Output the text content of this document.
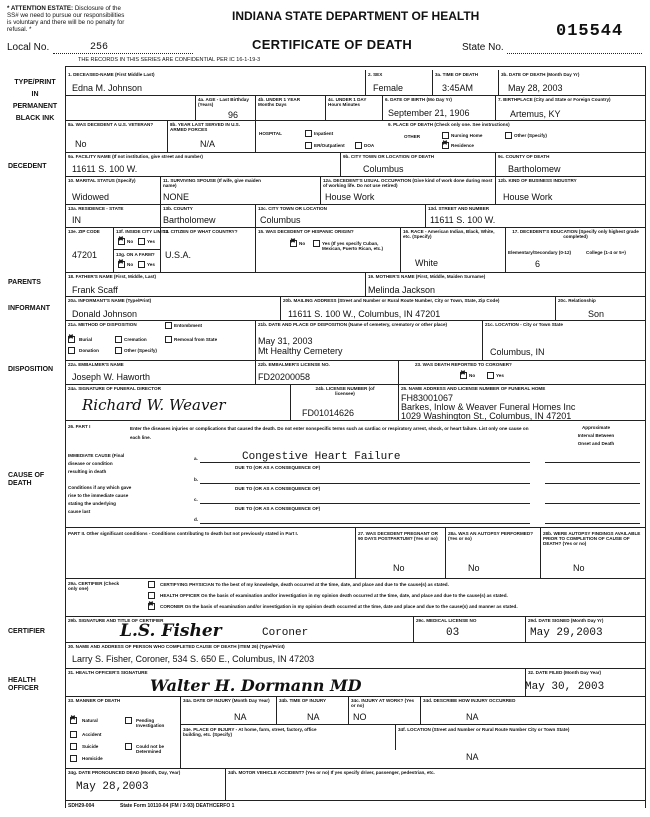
* ATTENTION ESTATE: Disclosure of the
SS# we need to pursue our responsibilities
is voluntary and there will be no penalty for
refusal. *
INDIANA STATE DEPARTMENT OF HEALTH
CERTIFICATE OF DEATH
015544
Local No.	256	State No.
THE RECORDS IN THIS SERIES ARE CONFIDENTIAL PER IC 16-1-19-3
TYPE/PRINT
IN
PERMANENT
BLACK INK
DECEDENT
PARENTS
INFORMANT
DISPOSITION
CAUSE OF
DEATH
CERTIFIER
HEALTH
OFFICER
1. DECEASED-NAME (First Middle Last)
Edna M. Johnson
2. SEX
Female
3a. TIME OF DEATH
3:45AM
3b. DATE OF DEATH (Month Day Yr)
May 28, 2003
4a. AGE - Last Birthday (Years)
96
4b. UNDER 1 YEAR
Months Days
4c. UNDER 1 DAY
Hours Minutes
6. DATE OF BIRTH (Mo Day Yr)
September 21, 1906
7. BIRTHPLACE (City and State or Foreign Country)
Artemus, KY
8a. WAS DECEDENT A U.S. VETERAN?
No
8b. YEAR LAST SERVED IN U.S. ARMED FORCES
N/A
9. PLACE OF DEATH (Check only one. See instructions)
HOSPITAL	Inpatient
ER/Outpatient	DOA
OTHER	Nursing Home
✖
Residence
Other (Specify)
9a. FACILITY NAME (If not institution, give street and number)
11611 S. 100 W.
9b. CITY TOWN OR LOCATION OF DEATH
Columbus
9c. COUNTY OF DEATH
Bartholomew
10. MARITAL STATUS (Specify)
Widowed
11. SURVIVING SPOUSE (If wife, give maiden name)
NONE
12a. DECEDENT'S USUAL OCCUPATION (Give kind of work done during most of working life. Do not use retired)
House Work
12b. KIND OF BUSINESS INDUSTRY
House Work
13a. RESIDENCE - STATE
IN
13b. COUNTY
Bartholomew
13c. CITY TOWN OR LOCATION
Columbus
13d. STREET AND NUMBER
11611 S. 100 W.
13e. ZIP CODE
47201
13f. INSIDE CITY LIMITS
✖
No	Yes
13g. ON A FARM?
✖
No	Yes
14. CITIZEN OF WHAT COUNTRY?
U.S.A.
15. WAS DECEDENT OF HISPANIC ORIGIN?
✖
No	Yes (If yes specify Cuban, Mexican, Puerto Rican, etc.)
16. RACE - American Indian, Black, White, etc. (Specify)
White
17. DECEDENT'S EDUCATION (Specify only highest grade completed)
Elementary/Secondary (0-12)	College (1-4 or 5+)
6
18. FATHER'S NAME (First, Middle, Last)
Frank Scaff
19. MOTHER'S NAME (First, Middle, Maiden Surname)
Melinda Jackson
20a. INFORMANT'S NAME (Type/Print)
Donald Johnson
20b. MAILING ADDRESS (Street and Number or Rural Route Number, City or Town, State, Zip Code)
11611 S. 100 W., Columbus, IN 47201
20c. Relationship
Son
21a. METHOD OF DISPOSITION	Entombment
✖
Burial	Cremation	Removal from State
Donation	Other (Specify)
21b. DATE AND PLACE OF DISPOSITION (Name of cemetery, crematory or other place)
May 31, 2003
Mt Healthy Cemetery
21c. LOCATION - City or Town State
Columbus, IN
22a. EMBALMER'S NAME
Joseph W. Haworth
22b. EMBALMER'S LICENSE NO.
FD20200058
23. WAS DEATH REPORTED TO CORONER?
✖
No	Yes
24a. SIGNATURE OF FUNERAL DIRECTOR
Richard W. Weaver
24b. LICENSE NUMBER (of licensee)
FD01014626
25. NAME ADDRESS AND LICENSE NUMBER OF FUNERAL HOME
FH83001067
Barkes, Inlow & Weaver Funeral Homes Inc
1029 Washington St., Columbus, IN 47201
26. PART I	Enter the diseases injuries or complications that caused the death. Do not enter nonspecific terms such as cardiac or respiratory arrest, shock, or heart failure. List only one cause on each line.
Approximate
Interval Between
Onset and Death
IMMEDIATE CAUSE (Final
disease or condition
resulting in death
Conditions if any which gave
rise to the immediate cause
stating the underlying
cause last
a.	Congestive Heart Failure
DUE TO (OR AS A CONSEQUENCE OF)
b.
DUE TO (OR AS A CONSEQUENCE OF)
c.
DUE TO (OR AS A CONSEQUENCE OF)
d.
PART II. Other significant conditions - Conditions contributing to death but not previously stated in Part I.	27. WAS DECEDENT PREGNANT OR 90 DAYS POSTPARTUM? (Yes or no)
No
28a. WAS AN AUTOPSY PERFORMED? (Yes or no)
No
28b. WERE AUTOPSY FINDINGS AVAILABLE PRIOR TO COMPLETION OF CAUSE OF DEATH? (Yes or no)
No
29a. CERTIFIER (Check only one)
CERTIFYING PHYSICIAN To the best of my knowledge, death occurred at the time, date, and place and due to the cause(s) as stated.
HEALTH OFFICER On the basis of examination and/or investigation in my opinion death occurred at the time, date, and place and due to the cause(s) as stated.
✖
CORONER On the basis of examination and/or investigation in my opinion death occurred at the time, date and place and due to the cause(s) and manner as stated.
29b. SIGNATURE AND TITLE OF CERTIFIER
L.S. Fisher	Coroner
29c. MEDICAL LICENSE NO
03
29d. DATE SIGNED (Month Day Yr)
May 29,2003
30. NAME AND ADDRESS OF PERSON WHO COMPLETED CAUSE OF DEATH (ITEM 26) (Type/Print)
Larry S. Fisher, Coroner, 534 S. 650 E., Columbus, IN 47203
31. HEALTH OFFICER'S SIGNATURE
Walter H. Dormann MD
32. DATE FILED (Month Day Year)
May 30, 2003
33. MANNER OF DEATH
✖
Natural	Pending Investigation
Accident
Suicide	Could not be Determined
Homicide
34a. DATE OF INJURY (Month Day Year)
NA
34b. TIME OF INJURY
NA
34c. INJURY AT WORK? (Yes or no)
NO
34d. DESCRIBE HOW INJURY OCCURRED
NA
34e. PLACE OF INJURY - At home, farm, street, factory, office building, etc. (Specify)
34f. LOCATION (Street and Number or Rural Route Number City or Town State)
NA
34g. DATE PRONOUNCED DEAD (Month, Day, Year)
May 28,2003
34h. MOTOR VEHICLE ACCIDENT? (Yes or no) If yes specify driver, passenger, pedestrian, etc.
SDH29-004	State Form 10110-04 (FM / 3-93) DEATHCERFO 1
